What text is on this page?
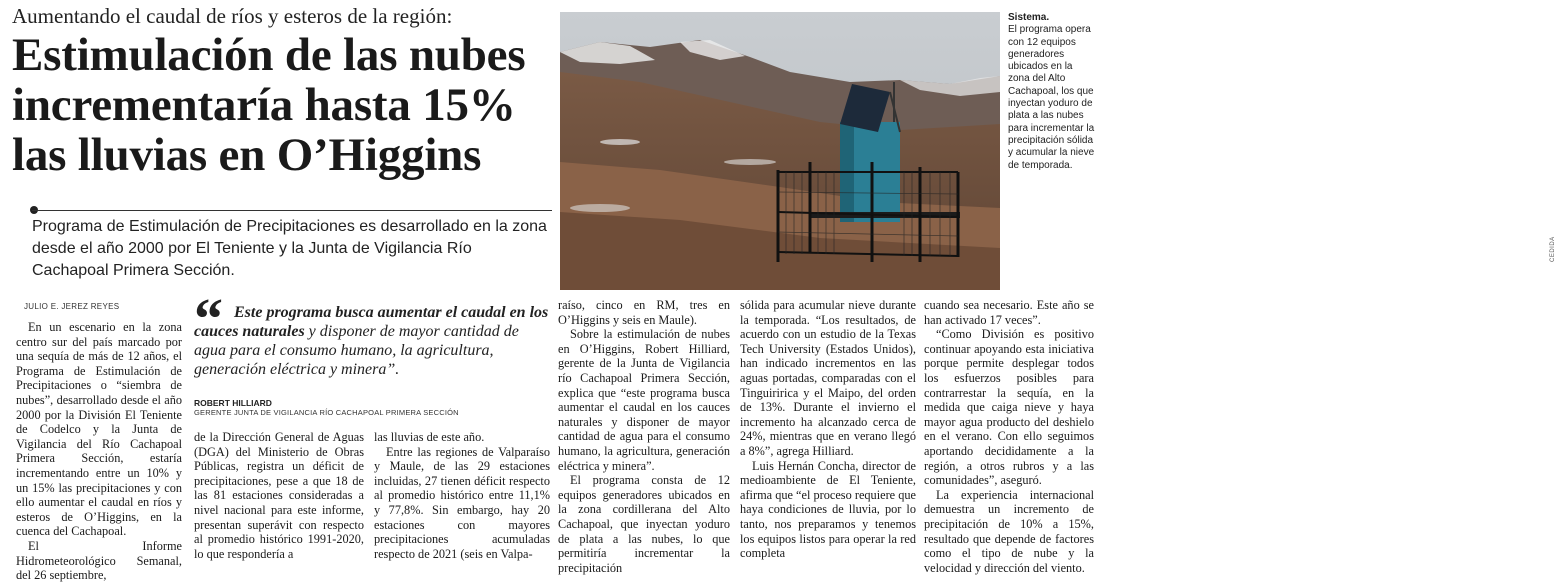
Aumentando el caudal de ríos y esteros de la región:
Estimulación de las nubes
incrementaría hasta 15%
las lluvias en O’Higgins
Programa de Estimulación de Precipitaciones es desarrollado en la zona desde el año 2000 por El Teniente y la Junta de Vigilancia Río Cachapoal Primera Sección.
JULIO E. JEREZ REYES

En un escenario en la zona centro sur del país marcado por una sequía de más de 12 años, el Programa de Estimulación de Precipitaciones o “siembra de nubes”, desarrollado desde el año 2000 por la División El Teniente de Codelco y la Junta de Vigilancia del Río Cachapoal Primera Sección, estaría incrementando entre un 10% y un 15% las precipitaciones y con ello aumentar el caudal en ríos y esteros de O’Higgins, en la cuenca del Cachapoal.

El Informe Hidrometeorológico Semanal, del 26 septiembre,

“ Este programa busca aumentar el caudal en los cauces naturales y disponer de mayor cantidad de agua para el consumo humano, la agricultura, generación eléctrica y minera”.
ROBERT HILLIARD
GERENTE JUNTA DE VIGILANCIA RÍO CACHAPOAL PRIMERA SECCIÓN

de la Dirección General de Aguas (DGA) del Ministerio de Obras Públicas, registra un déficit de precipitaciones, pese a que 18 de las 81 estaciones consideradas a nivel nacional para este informe, presentan superávit con respecto al promedio histórico 1991-2020, lo que respondería a

las lluvias de este año.

Entre las regiones de Valparaíso y Maule, de las 29 estaciones incluidas, 27 tienen déficit respecto al promedio histórico entre 11,1% y 77,8%. Sin embargo, hay 20 estaciones con mayores precipitaciones acumuladas respecto de 2021 (seis en Valpa-

raíso, cinco en RM, tres en O’Higgins y seis en Maule).

Sobre la estimulación de nubes en O’Higgins, Robert Hilliard, gerente de la Junta de Vigilancia río Cachapoal Primera Sección, explica que “este programa busca aumentar el caudal en los cauces naturales y disponer de mayor cantidad de agua para el consumo humano, la agricultura, generación eléctrica y minera”.

El programa consta de 12 equipos generadores ubicados en la zona cordillerana del Alto Cachapoal, que inyectan yoduro de plata a las nubes, lo que permitiría incrementar la precipitación

sólida para acumular nieve durante la temporada. “Los resultados, de acuerdo con un estudio de la Texas Tech University (Estados Unidos), han indicado incrementos en las aguas portadas, comparadas con el Tinguiririca y el Maipo, del orden de 13%. Durante el invierno el incremento ha alcanzado cerca de 24%, mientras que en verano llegó a 8%”, agrega Hilliard.

Luis Hernán Concha, director de medioambiente de El Teniente, afirma que “el proceso requiere que haya condiciones de lluvia, por lo tanto, nos preparamos y tenemos los equipos listos para operar la red completa

cuando sea necesario. Este año se han activado 17 veces”.

“Como División es positivo continuar apoyando esta iniciativa porque permite desplegar todos los esfuerzos posibles para contrarrestar la sequía, en la medida que caiga nieve y haya mayor agua producto del deshielo en el verano. Con ello seguimos aportando decididamente a la región, a otros rubros y a las comunidades”, aseguró.

La experiencia internacional demuestra un incremento de precipitación de 10% a 15%, resultado que depende de factores como el tipo de nube y la velocidad y dirección del viento.

CEDIDA
Sistema.
El programa opera con 12 equipos generadores ubicados en la zona del Alto Cachapoal, los que inyectan yoduro de plata a las nubes para incrementar la precipitación sólida y acumular la nieve de temporada.
